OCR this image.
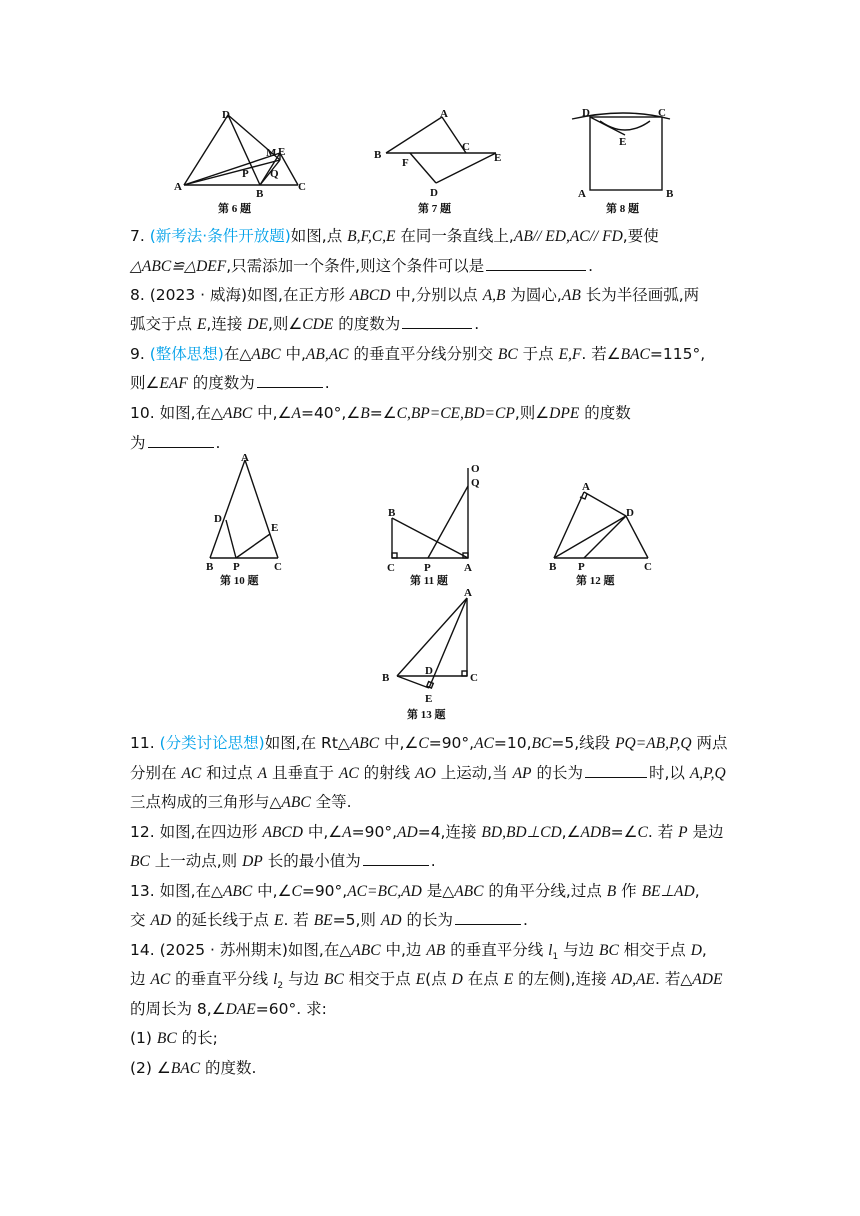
D
M E
P Q
A
B
C
第 6 题
A
B
F
C
E
D
第 7 题
D	C
E
A	B
第 8 题
7. (新考法·条件开放题)如图,点 B,F,C,E 在同一条直线上,AB// ED,AC// FD,要使
△ABC≌△DEF,只需添加一个条件,则这个条件可以是	.
8. (2023 · 威海)如图,在正方形 ABCD 中,分别以点 A,B 为圆心,AB 长为半径画弧,两
弧交于点 E,连接 DE,则∠CDE 的度数为	.
9. (整体思想)在△ABC 中,AB,AC 的垂直平分线分别交 BC 于点 E,F. 若∠BAC=115°,
则∠EAF 的度数为	.
10. 如图,在△ABC 中,∠A=40°,∠B=∠C,BP=CE,BD=CP,则∠DPE 的度数
为	.
A
D
E
B P	C
第 10 题
O
Q
B
C	P	A
第 11 题
A
D
B P	C
第 12 题
A
D
B	C
E
第 13 题
11. (分类讨论思想)如图,在 Rt△ABC 中,∠C=90°,AC=10,BC=5,线段 PQ=AB,P,Q 两点
分别在 AC 和过点 A 且垂直于 AC 的射线 AO 上运动,当 AP 的长为	时,以 A,P,Q
三点构成的三角形与△ABC 全等.
12. 如图,在四边形 ABCD 中,∠A=90°,AD=4,连接 BD,BD⊥CD,∠ADB=∠C. 若 P 是边
BC 上一动点,则 DP 长的最小值为	.
13. 如图,在△ABC 中,∠C=90°,AC=BC,AD 是△ABC 的角平分线,过点 B 作 BE⊥AD,
交 AD 的延长线于点 E. 若 BE=5,则 AD 的长为	.
14. (2025 · 苏州期末)如图,在△ABC 中,边 AB 的垂直平分线 $l_1$ 与边 BC 相交于点 D,
边 AC 的垂直平分线 $l_2$ 与边 BC 相交于点 E(点 D 在点 E 的左侧),连接 AD,AE. 若△ADE
的周长为 8,∠DAE=60°. 求:
(1) BC 的长;
(2) ∠BAC 的度数.
